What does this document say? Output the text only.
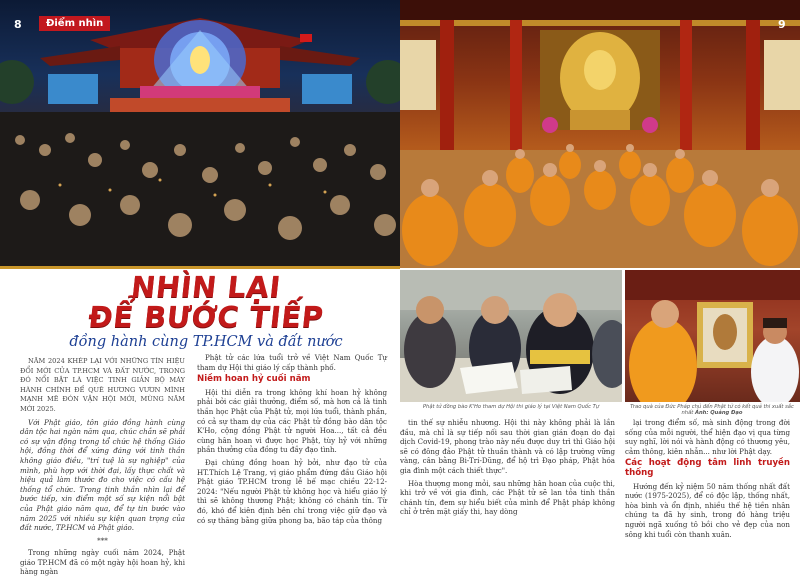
8	Điểm nhìn	9
Phật tử đồng bào K'Ho tham dự Hội thi giáo lý tại Việt Nam Quốc Tự	Trao quà của Đức Pháp chủ đến Phật tử có kết quả thi xuất sắc nhất Ảnh: Quảng Đạo
NHÌN LẠI
ĐỂ BƯỚC TIẾP
đồng hành cùng TP.HCM và đất nước

NĂM 2024 KHÉP LẠI VỚI NHỮNG TÍN HIỆU ĐỔI MỚI CỦA TP.HCM VÀ ĐẤT NƯỚC, TRONG ĐÓ NỔI BẬT LÀ VIỆC TINH GIẢN BỘ MÁY HÀNH CHÍNH ĐỂ QUÊ HƯƠNG VƯƠN MÌNH MẠNH MẼ ĐÓN VẬN HỘI MỚI, MÙNG NĂM MỚI 2025.

Với Phật giáo, tôn giáo đồng hành cùng dân tộc hai ngàn năm qua, chúc chắn sẽ phải có sự vận động trong tổ chức hệ thống Giáo hội, đồng thời để xứng đáng với tinh thần không giáo điều, "trí tuệ là sự nghiệp" của mình, phù hợp với thời đại, lấy thực chất và hiệu quả làm thước đo cho việc có cấu hệ thống tổ chức. Trong tinh thần nhìn lại để bước tiếp, xin điểm một số sự kiện nổi bật của Phật giáo năm qua, để tự tin bước vào năm 2025 với nhiều sự kiện quan trọng của đất nước, TP.HCM và Phật giáo.

***

Trong những ngày cuối năm 2024, Phật giáo TP.HCM đã có một ngày hội hoan hỷ, khi hàng ngàn

Phật tử các lứa tuổi trở về Việt Nam Quốc Tự tham dự Hội thi giáo lý cấp thành phố.

Niềm hoan hỷ cuối năm

Hội thi diễn ra trong không khí hoan hỷ không phải bởi các giải thưởng, điểm số, mà hơn cả là tinh thần học Phật của Phật tử, mọi lứa tuổi, thành phần, có cả sự tham dự của các Phật tử đồng bào dân tộc K'Ho, cộng đồng Phật tử người Hoa..., tất cả đều cùng hân hoan vì được học Phật, tùy hỷ với những phần thưởng của đồng tu đầy đạo tình.

Đại chúng đồng hoan hỷ bởi, như đạo tử của HT.Thích Lệ Trang, vị giáo phẩm đứng đầu Giáo hội Phật giáo TP.HCM trong lễ bế mạc chiều 22-12-2024: "Nếu người Phật tử không học và hiểu giáo lý thì sẽ không thương Phật; không có chánh tín. Từ đó, khó để kiên định bên chí trong việc giữ đạo và có sự thăng bằng giữa phong ba, bão táp của thông

tin thế sự nhiễu nhương. Hội thi này không phải là lần đầu, mà chỉ là sự tiếp nối sau thời gian gián đoạn do đại dịch Covid-19, phong trào này nếu được duy trì thì Giáo hội sẽ có đông đảo Phật tử thuần thành và có lập trường vững vàng, cân bằng Bi-Trí-Dũng, để hộ trì Đạo pháp, Phật hóa gia đình một cách thiết thực".

Hòa thượng mong mỏi, sau những hân hoan của cuộc thi, khi trở về với gia đình, các Phật tử sẽ lan tỏa tinh thần chánh tín, đem sự hiểu biết của mình để Phật pháp không chỉ ở trên mặt giấy thi, hay dòng

lại trong điểm số, mà sinh động trong đời sống của mỗi người, thể hiện đạo vị qua từng suy nghĩ, lời nói và hành động có thương yêu, cảm thông, kiên nhẫn... như lời Phật dạy.

Các hoạt động tâm linh truyền thống

Hướng đến kỷ niệm 50 năm thống nhất đất nước (1975-2025), để có độc lập, thống nhất, hòa bình và ổn định, nhiều thế hệ tiền nhân chúng ta đã hy sinh, trong đó hàng triệu người ngã xuống tô bồi cho vẻ đẹp của non sông khi tuổi còn thanh xuân.
